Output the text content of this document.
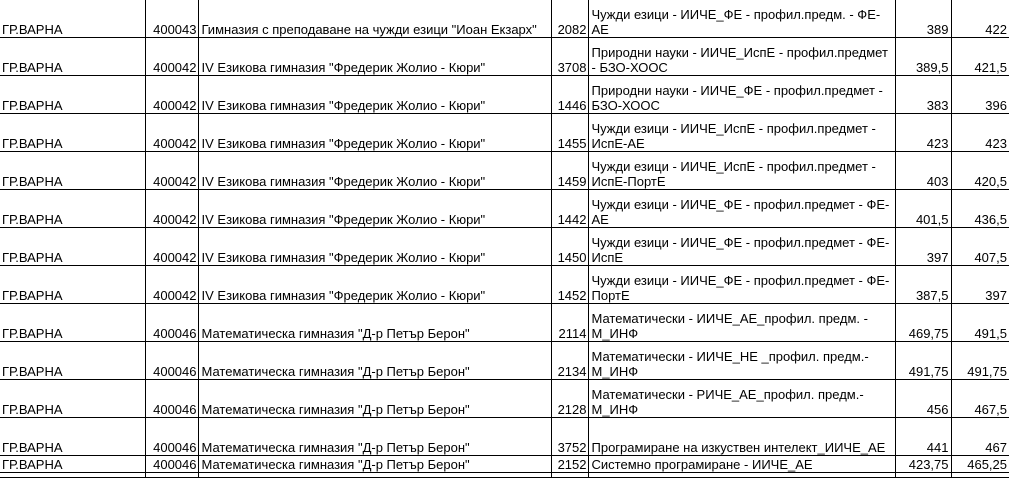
ГР.ВАРНА	400043	Гимназия с преподаване на чужди езици "Иоан Екзарх"	2082	Чужди езици - ИИЧЕ_ФЕ - профил.предм. - ФЕ-АЕ	389	422
ГР.ВАРНА	400042	IV Езикова гимназия "Фредерик Жолио - Кюри"	3708	Природни науки - ИИЧЕ_ИспЕ - профил.предмет - БЗО-ХООС	389,5	421,5
ГР.ВАРНА	400042	IV Езикова гимназия "Фредерик Жолио - Кюри"	1446	Природни науки - ИИЧЕ_ФЕ - профил.предмет - БЗО-ХООС	383	396
ГР.ВАРНА	400042	IV Езикова гимназия "Фредерик Жолио - Кюри"	1455	Чужди езици - ИИЧЕ_ИспЕ - профил.предмет - ИспЕ-АЕ	423	423
ГР.ВАРНА	400042	IV Езикова гимназия "Фредерик Жолио - Кюри"	1459	Чужди езици - ИИЧЕ_ИспЕ - профил.предмет - ИспЕ-ПортЕ	403	420,5
ГР.ВАРНА	400042	IV Езикова гимназия "Фредерик Жолио - Кюри"	1442	Чужди езици - ИИЧЕ_ФЕ - профил.предмет - ФЕ-АЕ	401,5	436,5
ГР.ВАРНА	400042	IV Езикова гимназия "Фредерик Жолио - Кюри"	1450	Чужди езици - ИИЧЕ_ФЕ - профил.предмет - ФЕ-ИспЕ	397	407,5
ГР.ВАРНА	400042	IV Езикова гимназия "Фредерик Жолио - Кюри"	1452	Чужди езици - ИИЧЕ_ФЕ - профил.предмет - ФЕ-ПортЕ	387,5	397
ГР.ВАРНА	400046	Математическа гимназия "Д-р Петър Берон"	2114	Математически - ИИЧЕ_АЕ_профил. предм. - М_ИНФ	469,75	491,5
ГР.ВАРНА	400046	Математическа гимназия "Д-р Петър Берон"	2134	Математически - ИИЧЕ_НЕ _профил. предм.- М_ИНФ	491,75	491,75
ГР.ВАРНА	400046	Математическа гимназия "Д-р Петър Берон"	2128	Математически - РИЧЕ_АЕ_профил. предм.- М_ИНФ	456	467,5
ГР.ВАРНА	400046	Математическа гимназия "Д-р Петър Берон"	3752	Програмиране на изкуствен интелект_ИИЧЕ_АЕ	441	467
ГР.ВАРНА	400046	Математическа гимназия "Д-р Петър Берон"	2152	Системно програмиране - ИИЧЕ_АЕ	423,75	465,25
